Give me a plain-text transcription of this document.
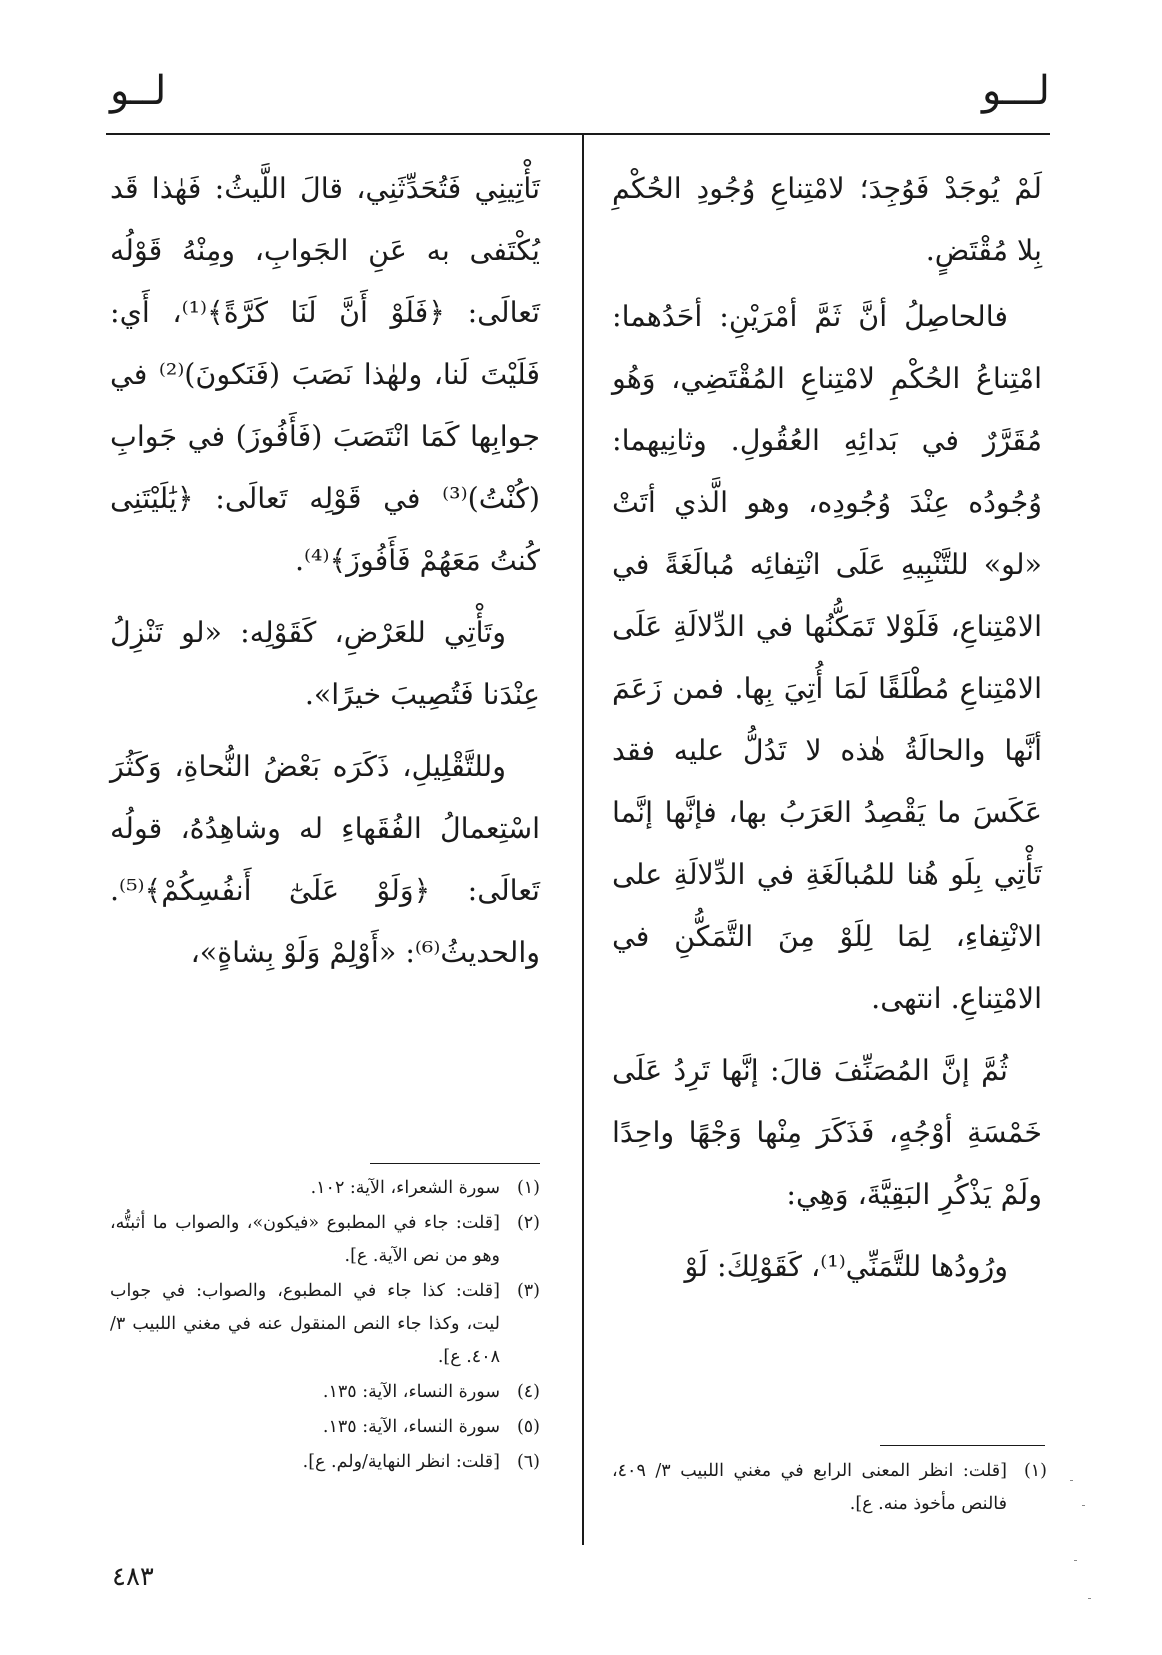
لــو	لـــو

لَمْ يُوجَدْ فَوُجِدَ؛ لامْتِناعِ وُجُودِ الحُكْمِ بِلا مُقْتَضٍ.

فالحاصِلُ أنَّ ثَمَّ أمْرَيْنِ: أحَدُهما: امْتِناعُ الحُكْمِ لامْتِناعِ المُقْتَضِي، وَهُو مُقَرَّرٌ في بَدائِهِ العُقُولِ. وثانِيهما: وُجُودُه عِنْدَ وُجُودِه، وهو الَّذي أتَتْ «لو» للتَّنْبِيهِ عَلَى انْتِفائِه مُبالَغَةً في الامْتِناعِ، فَلَوْلا تَمَكُّنُها في الدِّلالَةِ عَلَى الامْتِناعِ مُطْلَقًا لَمَا أُتِيَ بِها. فمن زَعَمَ أنَّها والحالَةُ هٰذه لا تَدُلُّ عليه فقد عَكَسَ ما يَقْصِدُ العَرَبُ بها، فإنَّها إنَّما تَأْتِي بِلَو هُنا للمُبالَغَةِ في الدِّلالَةِ على الانْتِفاءِ، لِمَا لِلَوْ مِنَ التَّمَكُّنِ في الامْتِناعِ. انتهى.

ثُمَّ إنَّ المُصَنِّفَ قالَ: إنَّها تَرِدُ عَلَى خَمْسَةِ أوْجُهٍ، فَذَكَرَ مِنْها وَجْهًا واحِدًا ولَمْ يَذْكُرِ البَقِيَّةَ، وَهِي:

ورُودُها للتَّمَنِّي⁽¹⁾، كَقَوْلِكَ: لَوْ

تَأْتِينِي فَتُحَدِّثَنِي، قالَ اللَّيثُ: فَهٰذا قَد يُكْتَفى به عَنِ الجَوابِ، ومِنْهُ قَوْلُه تَعالَى: ﴿فَلَوْ أَنَّ لَنَا كَرَّةً﴾⁽¹⁾، أَي: فَلَيْتَ لَنا، ولهٰذا نَصَبَ (فَنَكونَ)⁽²⁾ في جوابِها كَمَا انْتَصَبَ (فَأَفُوزَ) في جَوابِ (كُنْتُ)⁽³⁾ في قَوْلِه تَعالَى: ﴿يَٰلَيْتَنِى كُنتُ مَعَهُمْ فَأَفُوزَ﴾⁽⁴⁾.

وتَأْتِي للعَرْضِ، كَقَوْلِه: «لو تَنْزِلُ عِنْدَنا فَتُصِيبَ خيرًا».

وللتَّقْلِيلِ، ذَكَرَه بَعْضُ النُّحاةِ، وَكَثُرَ اسْتِعمالُ الفُقَهاءِ له وشاهِدُهُ، قولُه تَعالَى: ﴿وَلَوْ عَلَىٰٓ أَنفُسِكُمْ﴾⁽⁵⁾. والحديثُ⁽⁶⁾: «أَوْلِمْ وَلَوْ بِشاةٍ»،

(١)سورة الشعراء، الآية: ١٠٢.

(٢)[قلت: جاء في المطبوع «فيكون»، والصواب ما أثبتُّه، وهو من نص الآية. ع].

(٣)[قلت: كذا جاء في المطبوع، والصواب: في جواب ليت، وكذا جاء النص المنقول عنه في مغني اللبيب ٣/ ٤٠٨. ع].

(٤)سورة النساء، الآية: ١٣٥.

(٥)سورة النساء، الآية: ١٣٥.

(٦)[قلت: انظر النهاية/ولم. ع].	(١)[قلت: انظر المعنى الرابع في مغني اللبيب ٣/ ٤٠٩، فالنص مأخوذ منه. ع].

٤٨٣
